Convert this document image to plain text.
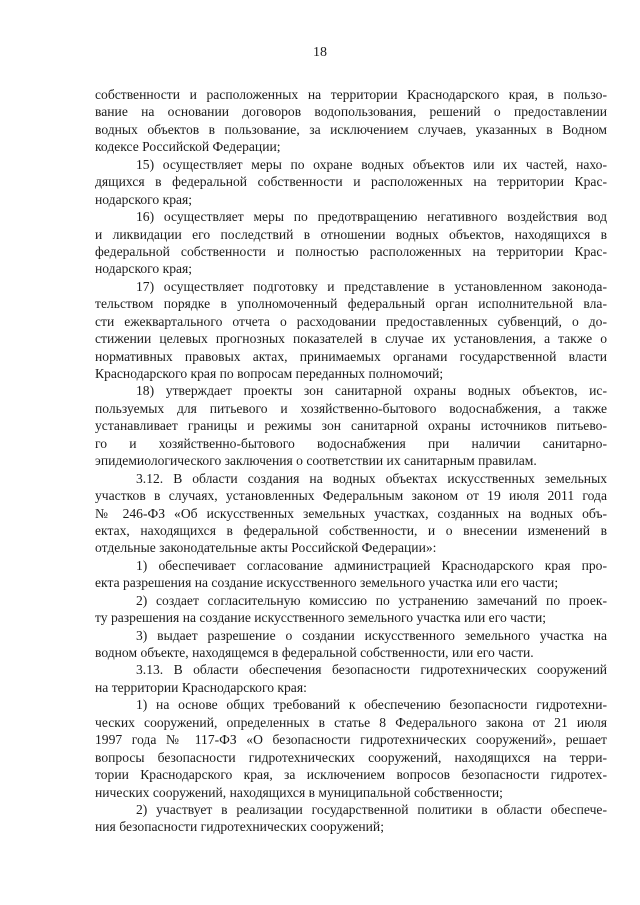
18
собственности и расположенных на территории Краснодарского края, в пользо-
вание на основании договоров водопользования, решений о предоставлении
водных объектов в пользование, за исключением случаев, указанных в Водном
кодексе Российской Федерации;
15) осуществляет меры по охране водных объектов или их частей, нахо-
дящихся в федеральной собственности и расположенных на территории Крас-
нодарского края;
16) осуществляет меры по предотвращению негативного воздействия вод
и ликвидации его последствий в отношении водных объектов, находящихся в
федеральной собственности и полностью расположенных на территории Крас-
нодарского края;
17) осуществляет подготовку и представление в установленном законода-
тельством порядке в уполномоченный федеральный орган исполнительной вла-
сти ежеквартального отчета о расходовании предоставленных субвенций, о до-
стижении целевых прогнозных показателей в случае их установления, а также о
нормативных правовых актах, принимаемых органами государственной власти
Краснодарского края по вопросам переданных полномочий;
18) утверждает проекты зон санитарной охраны водных объектов, ис-
пользуемых для питьевого и хозяйственно-бытового водоснабжения, а также
устанавливает границы и режимы зон санитарной охраны источников питьево-
го и хозяйственно-бытового водоснабжения при наличии санитарно-
эпидемиологического заключения о соответствии их санитарным правилам.
3.12. В области создания на водных объектах искусственных земельных
участков в случаях, установленных Федеральным законом от 19 июля 2011 года
№ 246-ФЗ «Об искусственных земельных участках, созданных на водных объ-
ектах, находящихся в федеральной собственности, и о внесении изменений в
отдельные законодательные акты Российской Федерации»:
1) обеспечивает согласование администрацией Краснодарского края про-
екта разрешения на создание искусственного земельного участка или его части;
2) создает согласительную комиссию по устранению замечаний по проек-
ту разрешения на создание искусственного земельного участка или его части;
3) выдает разрешение о создании искусственного земельного участка на
водном объекте, находящемся в федеральной собственности, или его части.
3.13. В области обеспечения безопасности гидротехнических сооружений
на территории Краснодарского края:
1) на основе общих требований к обеспечению безопасности гидротехни-
ческих сооружений, определенных в статье 8 Федерального закона от 21 июля
1997 года № 117-ФЗ «О безопасности гидротехнических сооружений», решает
вопросы безопасности гидротехнических сооружений, находящихся на терри-
тории Краснодарского края, за исключением вопросов безопасности гидротех-
нических сооружений, находящихся в муниципальной собственности;
2) участвует в реализации государственной политики в области обеспече-
ния безопасности гидротехнических сооружений;
